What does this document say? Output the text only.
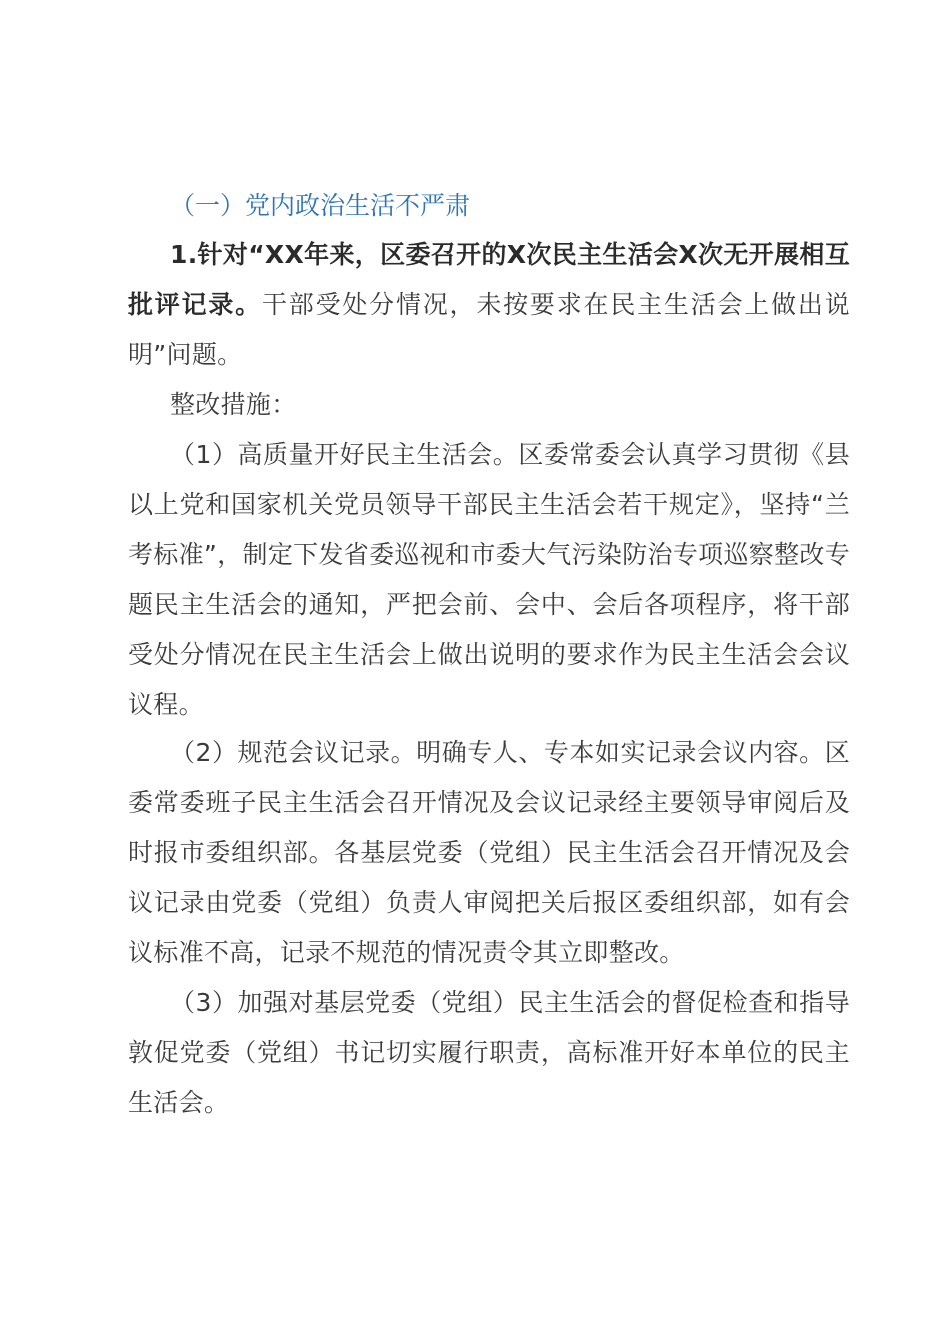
（一）党内政治生活不严肃
1.针对“XX年来，区委召开的X次民主生活会X次无开展相互批评记录。干部受处分情况，未按要求在民主生活会上做出说明”问题。
整改措施：
（1）高质量开好民主生活会。区委常委会认真学习贯彻《县以上党和国家机关党员领导干部民主生活会若干规定》，坚持“兰考标准”，制定下发省委巡视和市委大气污染防治专项巡察整改专题民主生活会的通知，严把会前、会中、会后各项程序，将干部受处分情况在民主生活会上做出说明的要求作为民主生活会会议议程。
（2）规范会议记录。明确专人、专本如实记录会议内容。区委常委班子民主生活会召开情况及会议记录经主要领导审阅后及时报市委组织部。各基层党委（党组）民主生活会召开情况及会议记录由党委（党组）负责人审阅把关后报区委组织部，如有会议标准不高，记录不规范的情况责令其立即整改。
（3）加强对基层党委（党组）民主生活会的督促检查和指导敦促党委（党组）书记切实履行职责，高标准开好本单位的民主生活会。
